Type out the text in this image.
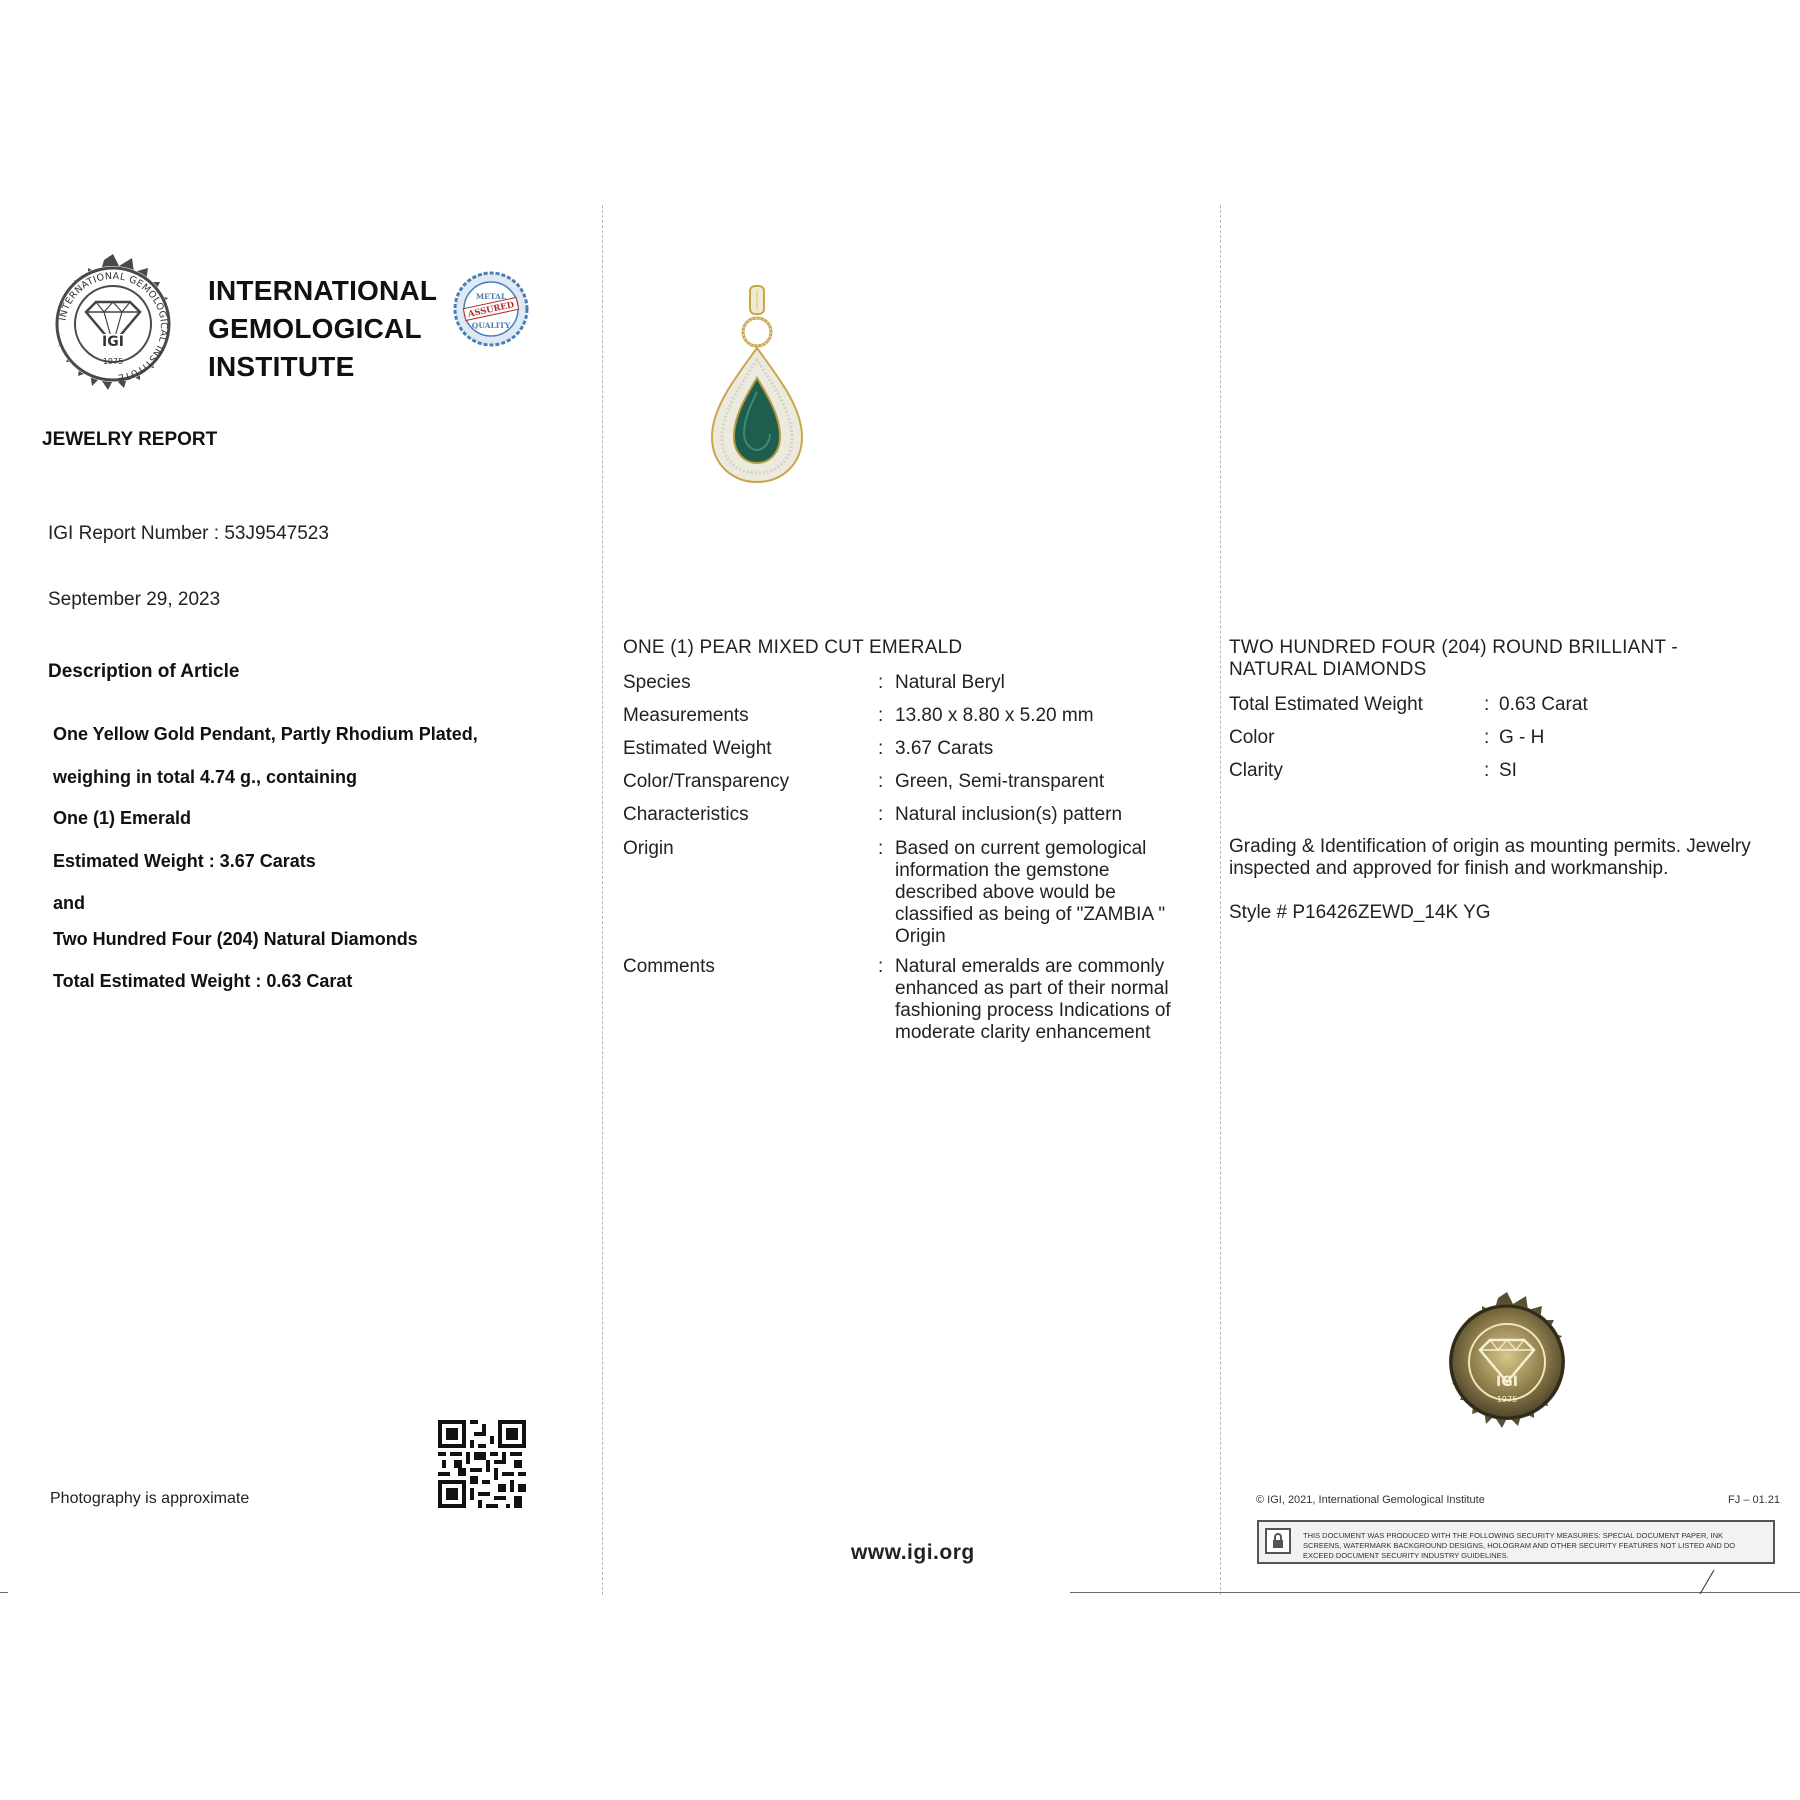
INTERNATIONAL GEMOLOGICAL INSTITUTE
IGI
1975
INTERNATIONAL
GEMOLOGICAL
INSTITUTE
METAL
ASSURED
QUALITY
JEWELRY REPORT
IGI Report Number : 53J9547523
September 29, 2023
Description of Article
One Yellow Gold Pendant, Partly Rhodium Plated,
weighing in total 4.74 g., containing
One (1) Emerald
Estimated Weight : 3.67 Carats
and
Two Hundred Four (204) Natural Diamonds
Total Estimated Weight : 0.63 Carat
Photography is approximate
ONE (1) PEAR MIXED CUT EMERALD
Species	: Natural Beryl
Measurements	: 13.80 x 8.80 x 5.20 mm
Estimated Weight	: 3.67 Carats
Color/Transparency	: Green, Semi-transparent
Characteristics	: Natural inclusion(s) pattern
Origin	: Based on current gemological information the gemstone described above would be classified as being of "ZAMBIA " Origin
Comments	: Natural emeralds are commonly enhanced as part of their normal fashioning process Indications of moderate clarity enhancement
www.igi.org
TWO HUNDRED FOUR (204) ROUND BRILLIANT - NATURAL DIAMONDS
Total Estimated Weight	: 0.63 Carat
Color	: G - H
Clarity	: SI
Grading & Identification of origin as mounting permits. Jewelry inspected and approved for finish and workmanship.
Style # P16426ZEWD_14K YG
IGI
1975
© IGI, 2021, International Gemological Institute	FJ – 01.21
THIS DOCUMENT WAS PRODUCED WITH THE FOLLOWING SECURITY MEASURES: SPECIAL DOCUMENT PAPER, INK SCREENS, WATERMARK BACKGROUND DESIGNS, HOLOGRAM AND OTHER SECURITY FEATURES NOT LISTED AND DO EXCEED DOCUMENT SECURITY INDUSTRY GUIDELINES.
